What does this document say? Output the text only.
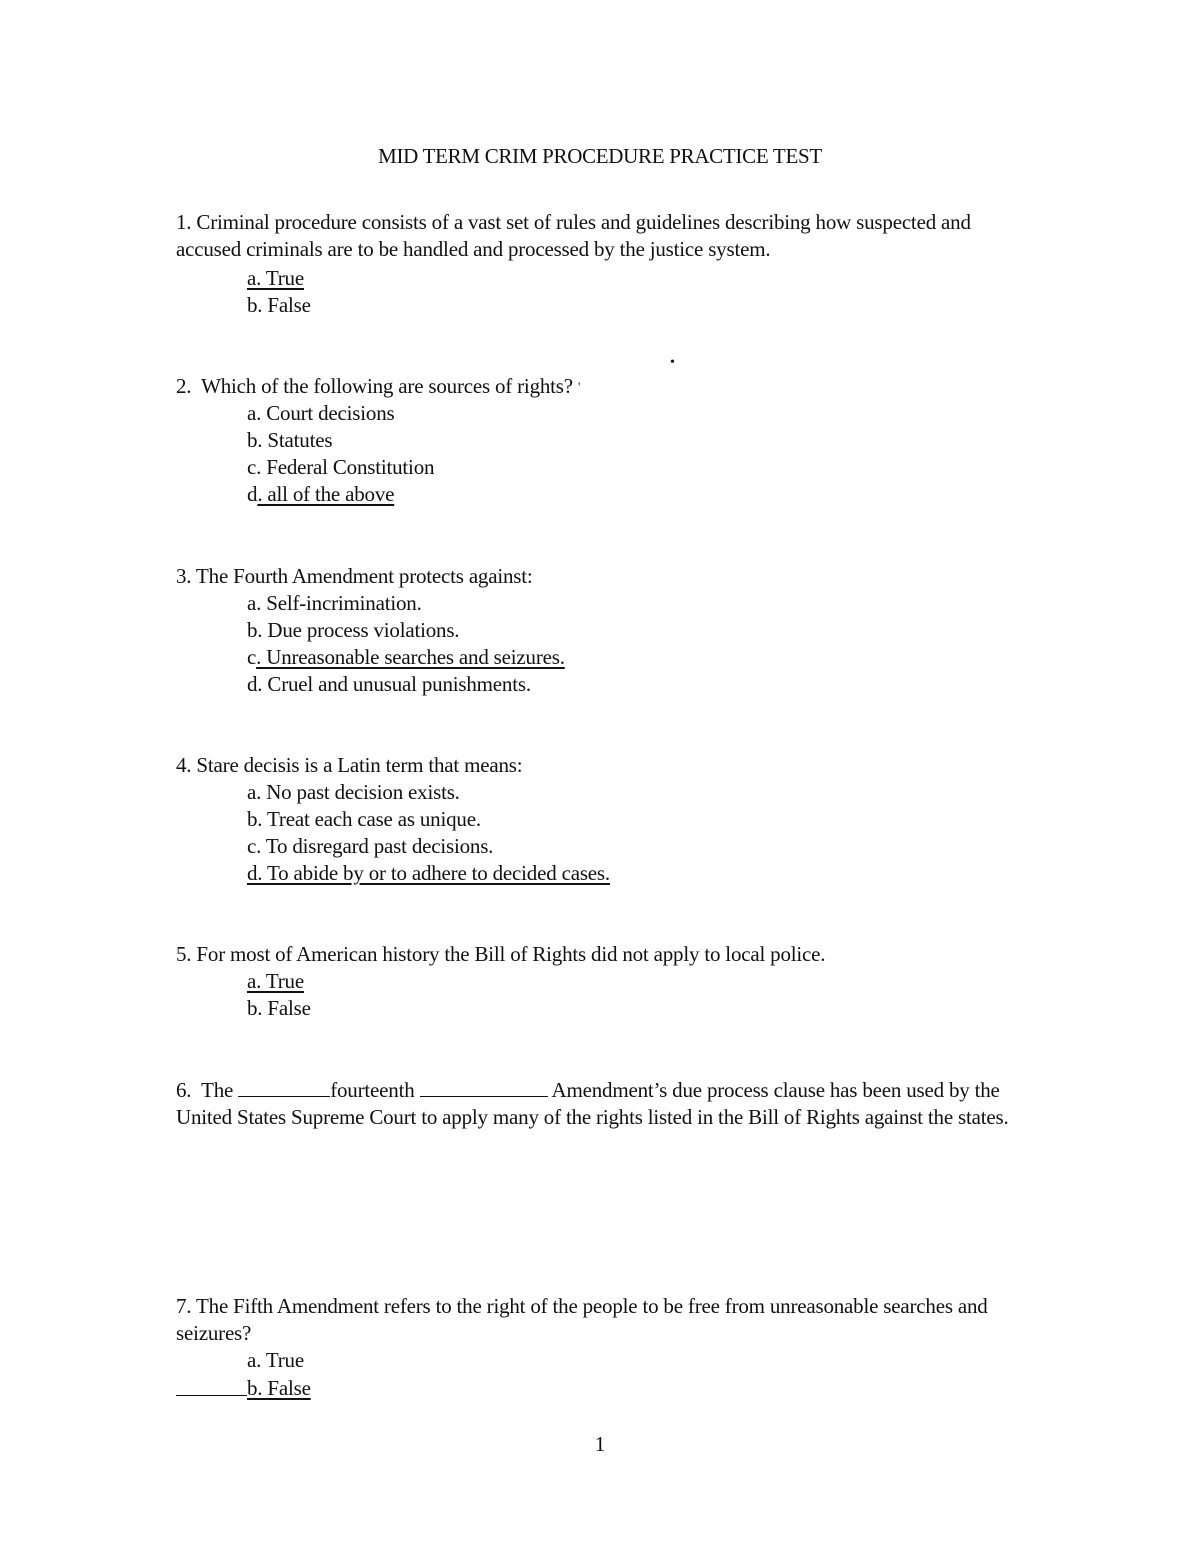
MID TERM CRIM PROCEDURE PRACTICE TEST
1. Criminal procedure consists of a vast set of rules and guidelines describing how suspected and accused criminals are to be handled and processed by the justice system.
a. True
b. False
•
2. Which of the following are sources of rights? '
a. Court decisions
b. Statutes
c. Federal Constitution
d. all of the above
3. The Fourth Amendment protects against:
a. Self-incrimination.
b. Due process violations.
c. Unreasonable searches and seizures.
d. Cruel and unusual punishments.
4. Stare decisis is a Latin term that means:
a. No past decision exists.
b. Treat each case as unique.
c. To disregard past decisions.
d. To abide by or to adhere to decided cases.
5. For most of American history the Bill of Rights did not apply to local police.
a. True
b. False
6. The	fourteenth	Amendment’s due process clause has been used by the United States Supreme Court to apply many of the rights listed in the Bill of Rights against the states.
7. The Fifth Amendment refers to the right of the people to be free from unreasonable searches and seizures?
a. True
b. False
1
